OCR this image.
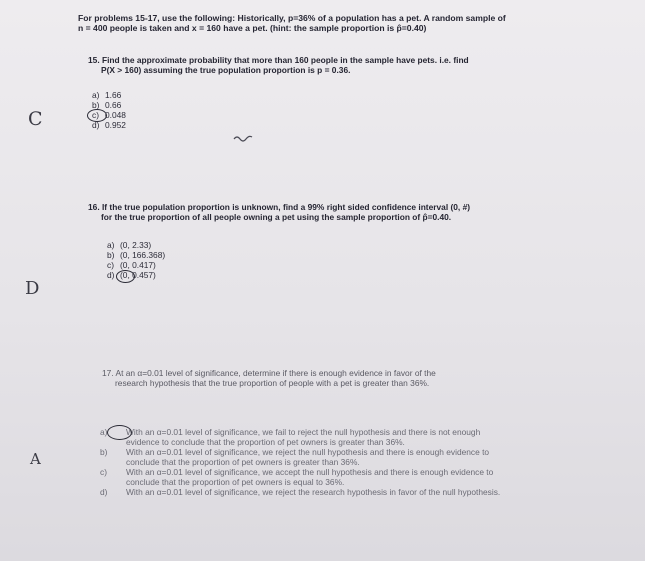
For problems 15-17, use the following: Historically, p=36% of a population has a pet. A random sample of
n = 400 people is taken and x = 160 have a pet. (hint: the sample proportion is p̂=0.40)
15. Find the approximate probability that more than 160 people in the sample have pets. i.e. find
P(X > 160) assuming the true population proportion is p = 0.36.
a) 1.66
b) 0.66
c) 0.048
d) 0.952
C
16. If the true population proportion is unknown, find a 99% right sided confidence interval (0, #)
for the true proportion of all people owning a pet using the sample proportion of p̂=0.40.
a) (0, 2.33)
b) (0, 166.368)
c) (0, 0.417)
d) (0, 0.457)
D
17. At an α=0.01 level of significance, determine if there is enough evidence in favor of the
research hypothesis that the true proportion of people with a pet is greater than 36%.
a) With an α=0.01 level of significance, we fail to reject the null hypothesis and there is not enough evidence to conclude that the proportion of pet owners is greater than 36%.
b) With an α=0.01 level of significance, we reject the null hypothesis and there is enough evidence to conclude that the proportion of pet owners is greater than 36%.
c) With an α=0.01 level of significance, we accept the null hypothesis and there is enough evidence to conclude that the proportion of pet owners is equal to 36%.
d) With an α=0.01 level of significance, we reject the research hypothesis in favor of the null hypothesis.
A
